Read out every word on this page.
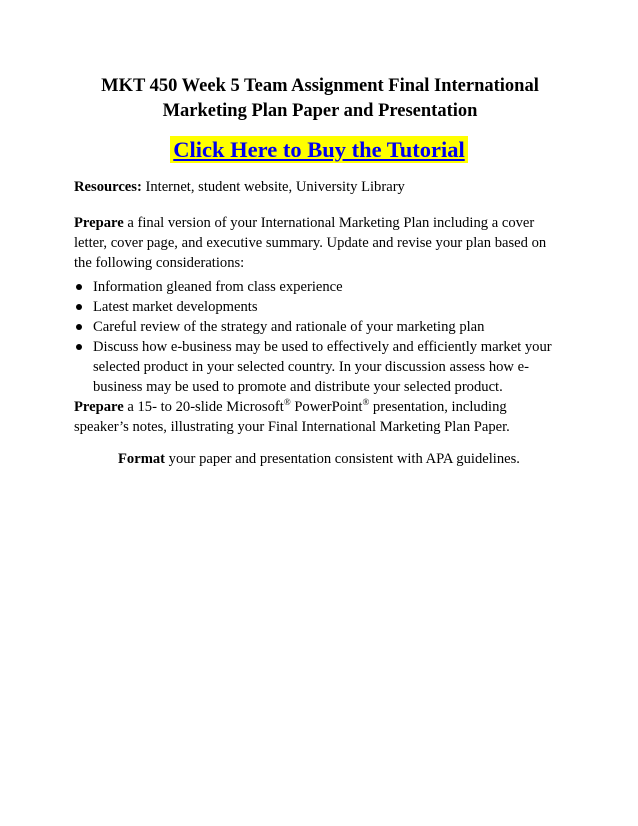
MKT 450 Week 5 Team Assignment Final International
Marketing Plan Paper and Presentation
Click Here to Buy the Tutorial

Resources: Internet, student website, University Library

Prepare a final version of your International Marketing Plan including a cover letter, cover page, and executive summary. Update and revise your plan based on the following considerations:

Information gleaned from class experience
Latest market developments
Careful review of the strategy and rationale of your marketing plan
Discuss how e-business may be used to effectively and efficiently market your selected product in your selected country. In your discussion assess how e-business may be used to promote and distribute your selected product.

Prepare a 15- to 20-slide Microsoft® PowerPoint® presentation, including speaker’s notes, illustrating your Final International Marketing Plan Paper.

Format your paper and presentation consistent with APA guidelines.
